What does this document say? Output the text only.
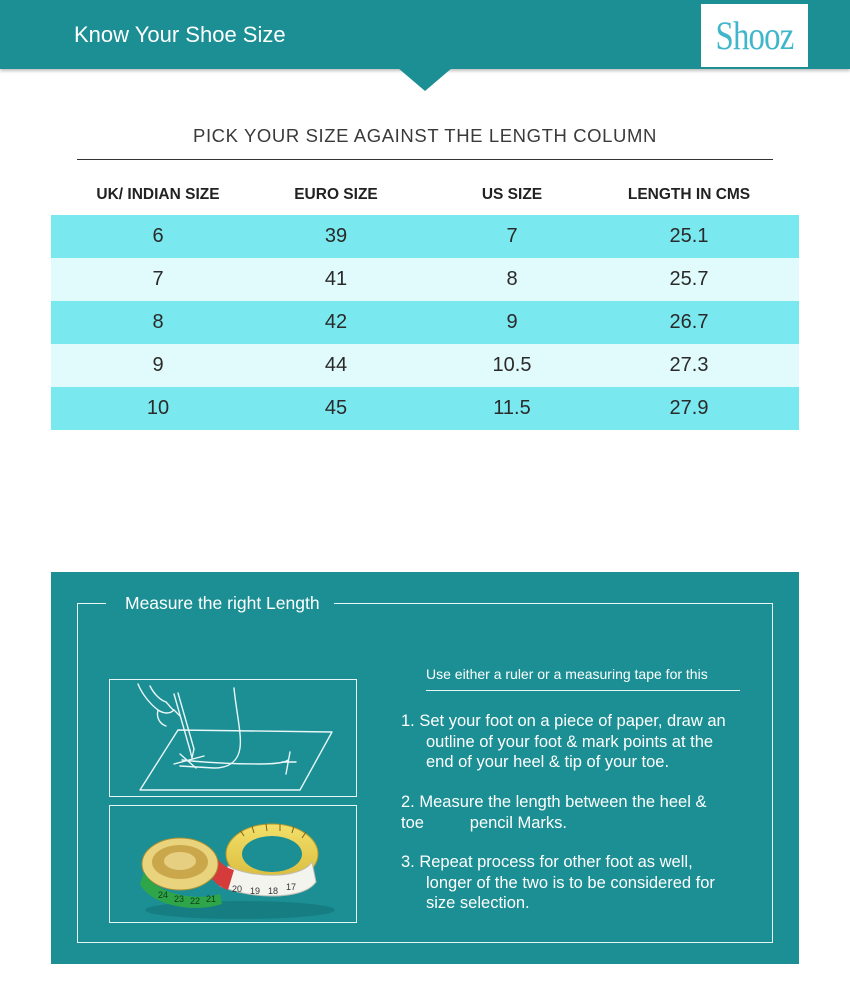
Know Your Shoe Size	Shooz
PICK YOUR SIZE AGAINST THE LENGTH COLUMN
UK/ INDIAN SIZE	EURO SIZE	US SIZE	LENGTH IN CMS
6	39	7	25.1
7	41	8	25.7
8	42	9	26.7
9	44	10.5	27.3
10	45	11.5	27.9
Measure the right Length
24 23 22 21
20 19 18 17
Use either a ruler or a measuring tape for this
1. Set your foot on a piece of paper, draw an
outline of your foot & mark points at the
end of your heel & tip of your toe.
2. Measure the length between the heel &
toe          pencil Marks.
3. Repeat process for other foot as well,
longer of the two is to be considered for
size selection.
